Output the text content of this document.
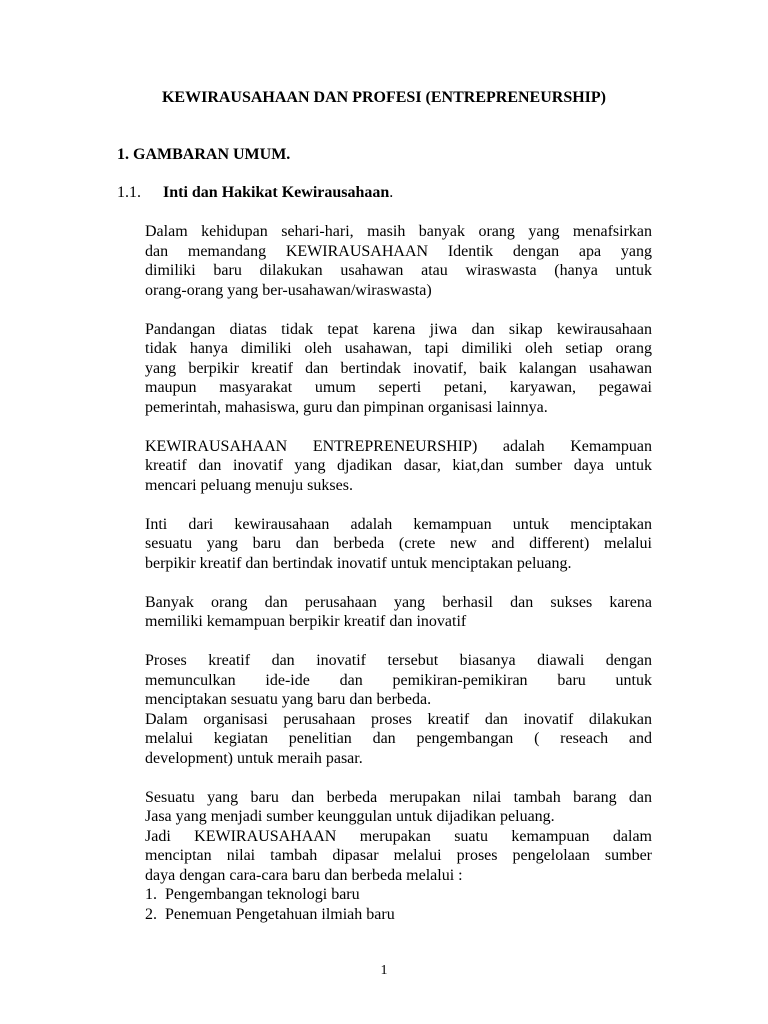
KEWIRAUSAHAAN DAN PROFESI (ENTREPRENEURSHIP)
1. GAMBARAN UMUM.
1.1. Inti dan Hakikat Kewirausahaan.

Dalam kehidupan sehari-hari, masih banyak orang yang menafsirkan
dan memandang KEWIRAUSAHAAN Identik dengan apa yang
dimiliki baru dilakukan usahawan atau wiraswasta (hanya untuk
orang-orang yang ber-usahawan/wiraswasta)

Pandangan diatas tidak tepat karena jiwa dan sikap kewirausahaan
tidak hanya dimiliki oleh usahawan, tapi dimiliki oleh setiap orang
yang berpikir kreatif dan bertindak inovatif, baik kalangan usahawan
maupun masyarakat umum seperti petani, karyawan, pegawai
pemerintah, mahasiswa, guru dan pimpinan organisasi lainnya.

KEWIRAUSAHAAN ENTREPRENEURSHIP) adalah Kemampuan
kreatif dan inovatif yang djadikan dasar, kiat,dan sumber daya untuk
mencari peluang menuju sukses.

Inti dari kewirausahaan adalah kemampuan untuk menciptakan
sesuatu yang baru dan berbeda (crete new and different) melalui
berpikir kreatif dan bertindak inovatif untuk menciptakan peluang.

Banyak orang dan perusahaan yang berhasil dan sukses karena
memiliki kemampuan berpikir kreatif dan inovatif

Proses kreatif dan inovatif tersebut biasanya diawali dengan
memunculkan ide-ide dan pemikiran-pemikiran baru untuk
menciptakan sesuatu yang baru dan berbeda.

Dalam organisasi perusahaan proses kreatif dan inovatif dilakukan
melalui kegiatan penelitian dan pengembangan ( reseach and
development) untuk meraih pasar.

Sesuatu yang baru dan berbeda merupakan nilai tambah barang dan
Jasa yang menjadi sumber keunggulan untuk dijadikan peluang.

Jadi KEWIRAUSAHAAN merupakan suatu kemampuan dalam
menciptan nilai tambah dipasar melalui proses pengelolaan sumber
daya dengan cara-cara baru dan berbeda melalui :

1. Pengembangan teknologi baru
2. Penemuan Pengetahuan ilmiah baru
1
